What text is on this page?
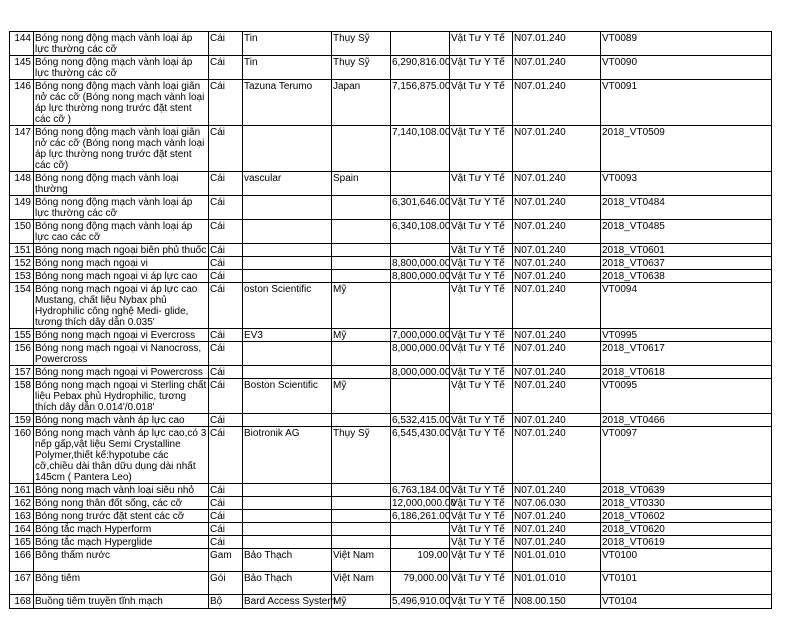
144	Bóng nong động mạch vành loại áp lực thường các cỡ	Cái	Tin	Thụy Sỹ		Vật Tư Y Tế	N07.01.240	VT0089
145	Bóng nong động mạch vành loại áp lực thường các cỡ	Cái	Tin	Thụy Sỹ	6,290,816.00	Vật Tư Y Tế	N07.01.240	VT0090
146	Bóng nong động mạch vành loại giãn nở các cỡ (Bóng nong mạch vành loại áp lực thường nong trước đặt stent các cỡ )	Cái	Tazuna Terumo	Japan	7,156,875.00	Vật Tư Y Tế	N07.01.240	VT0091
147	Bóng nong động mạch vành loại giãn nở các cỡ (Bóng nong mạch vành loại áp lực thường nong trước đặt stent các cỡ)	Cái			7,140,108.00	Vật Tư Y Tế	N07.01.240	2018_VT0509
148	Bóng nong động mạch vành loại thường	Cái	vascular	Spain		Vật Tư Y Tế	N07.01.240	VT0093
149	Bóng nong động mạch vành loại áp lực thường các cỡ	Cái			6,301,646.00	Vật Tư Y Tế	N07.01.240	2018_VT0484
150	Bóng nong động mạch vành loại áp lực cao các cỡ	Cái			6,340,108.00	Vật Tư Y Tế	N07.01.240	2018_VT0485
151	Bóng nong mạch ngoại biên phủ thuốc	Cái				Vật Tư Y Tế	N07.01.240	2018_VT0601
152	Bóng nong mạch ngoại vi	Cái			8,800,000.00	Vật Tư Y Tế	N07.01.240	2018_VT0637
153	Bóng nong mạch ngoại vi áp lực cao	Cái			8,800,000.00	Vật Tư Y Tế	N07.01.240	2018_VT0638
154	Bóng nong mạch ngoại vi áp lực cao Mustang, chất liệu Nybax phủ Hydrophilic công nghệ Medi- glide, tương thích dây dẫn 0.035'	Cái	oston Scientific	Mỹ		Vật Tư Y Tế	N07.01.240	VT0094
155	Bóng nong mạch ngoại vi Evercross	Cái	EV3	Mỹ	7,000,000.00	Vật Tư Y Tế	N07.01.240	VT0995
156	Bóng nong mạch ngoại vi Nanocross, Powercross	Cái			8,000,000.00	Vật Tư Y Tế	N07.01.240	2018_VT0617
157	Bóng nong mạch ngoại vi Powercross	Cái			8,000,000.00	Vật Tư Y Tế	N07.01.240	2018_VT0618
158	Bóng nong mạch ngoại vi Sterling chất liệu Pebax phủ Hydrophilic, tương thích dây dẫn 0.014'/0.018'	Cái	Boston Scientific	Mỹ		Vật Tư Y Tế	N07.01.240	VT0095
159	Bóng nong mạch vành áp lực cao	Cái			6,532,415.00	Vật Tư Y Tế	N07.01.240	2018_VT0466
160	Bóng nong mạch vành áp lực cao,có 3 nếp gấp,vật liệu Semi Crystalline Polymer,thiết kế:hypotube các cỡ,chiều dài thân dữu dụng dài nhất 145cm ( Pantera Leo)	Cái	Biotronik AG	Thụy Sỹ	6,545,430.00	Vật Tư Y Tế	N07.01.240	VT0097
161	Bóng nong mạch vành loại siêu nhỏ	Cái			6,763,184.00	Vật Tư Y Tế	N07.01.240	2018_VT0639
162	Bóng nong thân đốt sống, các cỡ	Cái			12,000,000.00	Vật Tư Y Tế	N07.06.030	2018_VT0330
163	Bóng nong trước đặt stent các cỡ	Cái			6,186,261.00	Vật Tư Y Tế	N07.01.240	2018_VT0602
164	Bóng tắc mạch Hyperform	Cái				Vật Tư Y Tế	N07.01.240	2018_VT0620
165	Bóng tắc mạch Hyperglide	Cái				Vật Tư Y Tế	N07.01.240	2018_VT0619
166	Bông thấm nước	Gam	Bảo Thạch	Việt Nam	109.00	Vật Tư Y Tế	N01.01.010	VT0100
167	Bông tiêm	Gói	Bảo Thạch	Việt Nam	79,000.00	Vật Tư Y Tế	N01.01.010	VT0101
168	Buồng tiêm truyền tĩnh mạch	Bộ	Bard Access System	Mỹ	5,496,910.00	Vật Tư Y Tế	N08.00.150	VT0104
